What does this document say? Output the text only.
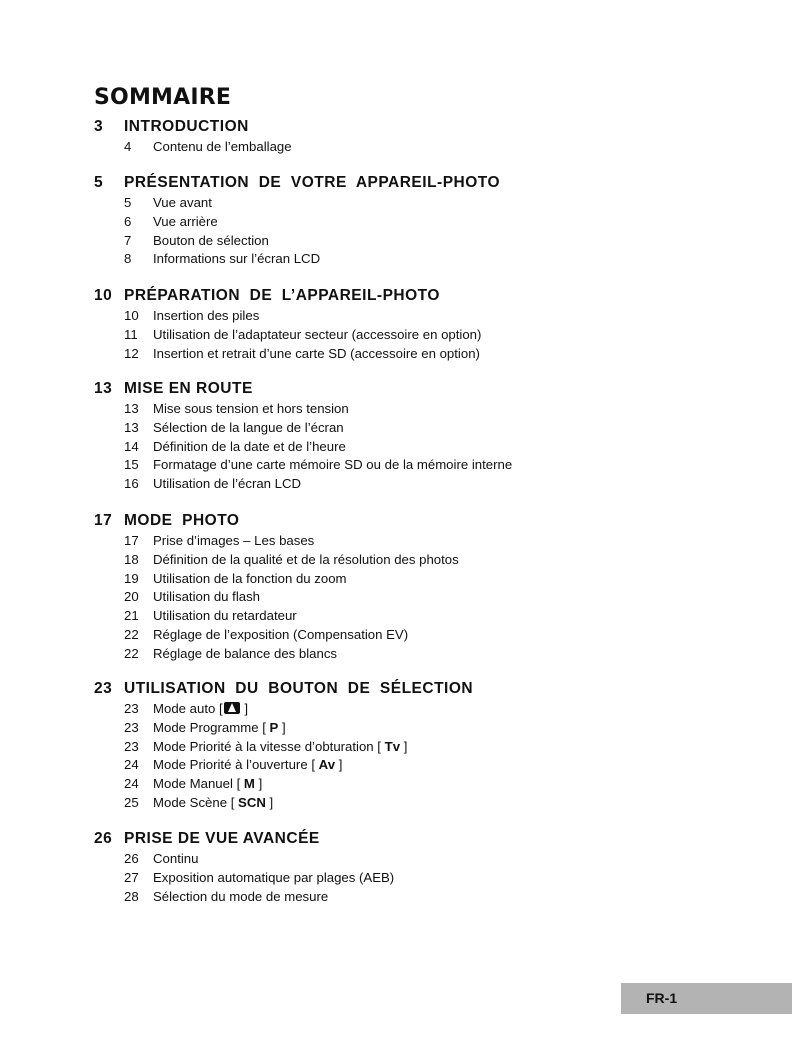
SOMMAIRE
3 INTRODUCTION
4 Contenu de l’emballage
5 PRÉSENTATION  DE  VOTRE  APPAREIL-PHOTO
5 Vue avant
6 Vue arrière
7 Bouton de sélection
8 Informations sur l’écran LCD
10 PRÉPARATION  DE  L’APPAREIL-PHOTO
10 Insertion des piles
11 Utilisation de l’adaptateur secteur (accessoire en option)
12 Insertion et retrait d’une carte SD (accessoire en option)
13 MISE EN ROUTE
13 Mise sous tension et hors tension
13 Sélection de la langue de l’écran
14 Définition de la date et de l’heure
15 Formatage d’une carte mémoire SD ou de la mémoire interne
16 Utilisation de l’écran LCD
17 MODE  PHOTO
17 Prise d’images – Les bases
18 Définition de la qualité et de la résolution des photos
19 Utilisation de la fonction du zoom
20 Utilisation du flash
21 Utilisation du retardateur
22 Réglage de l’exposition (Compensation EV)
22 Réglage de balance des blancs
23 UTILISATION  DU  BOUTON  DE  SÉLECTION
23 Mode auto [
]
23 Mode Programme [ P ]
23 Mode Priorité à la vitesse d’obturation [ Tv ]
24 Mode Priorité à l’ouverture [ Av ]
24 Mode Manuel [ M ]
25 Mode Scène [ SCN ]
26 PRISE DE VUE AVANCÉE
26 Continu
27 Exposition automatique par plages (AEB)
28 Sélection du mode de mesure
FR-1
